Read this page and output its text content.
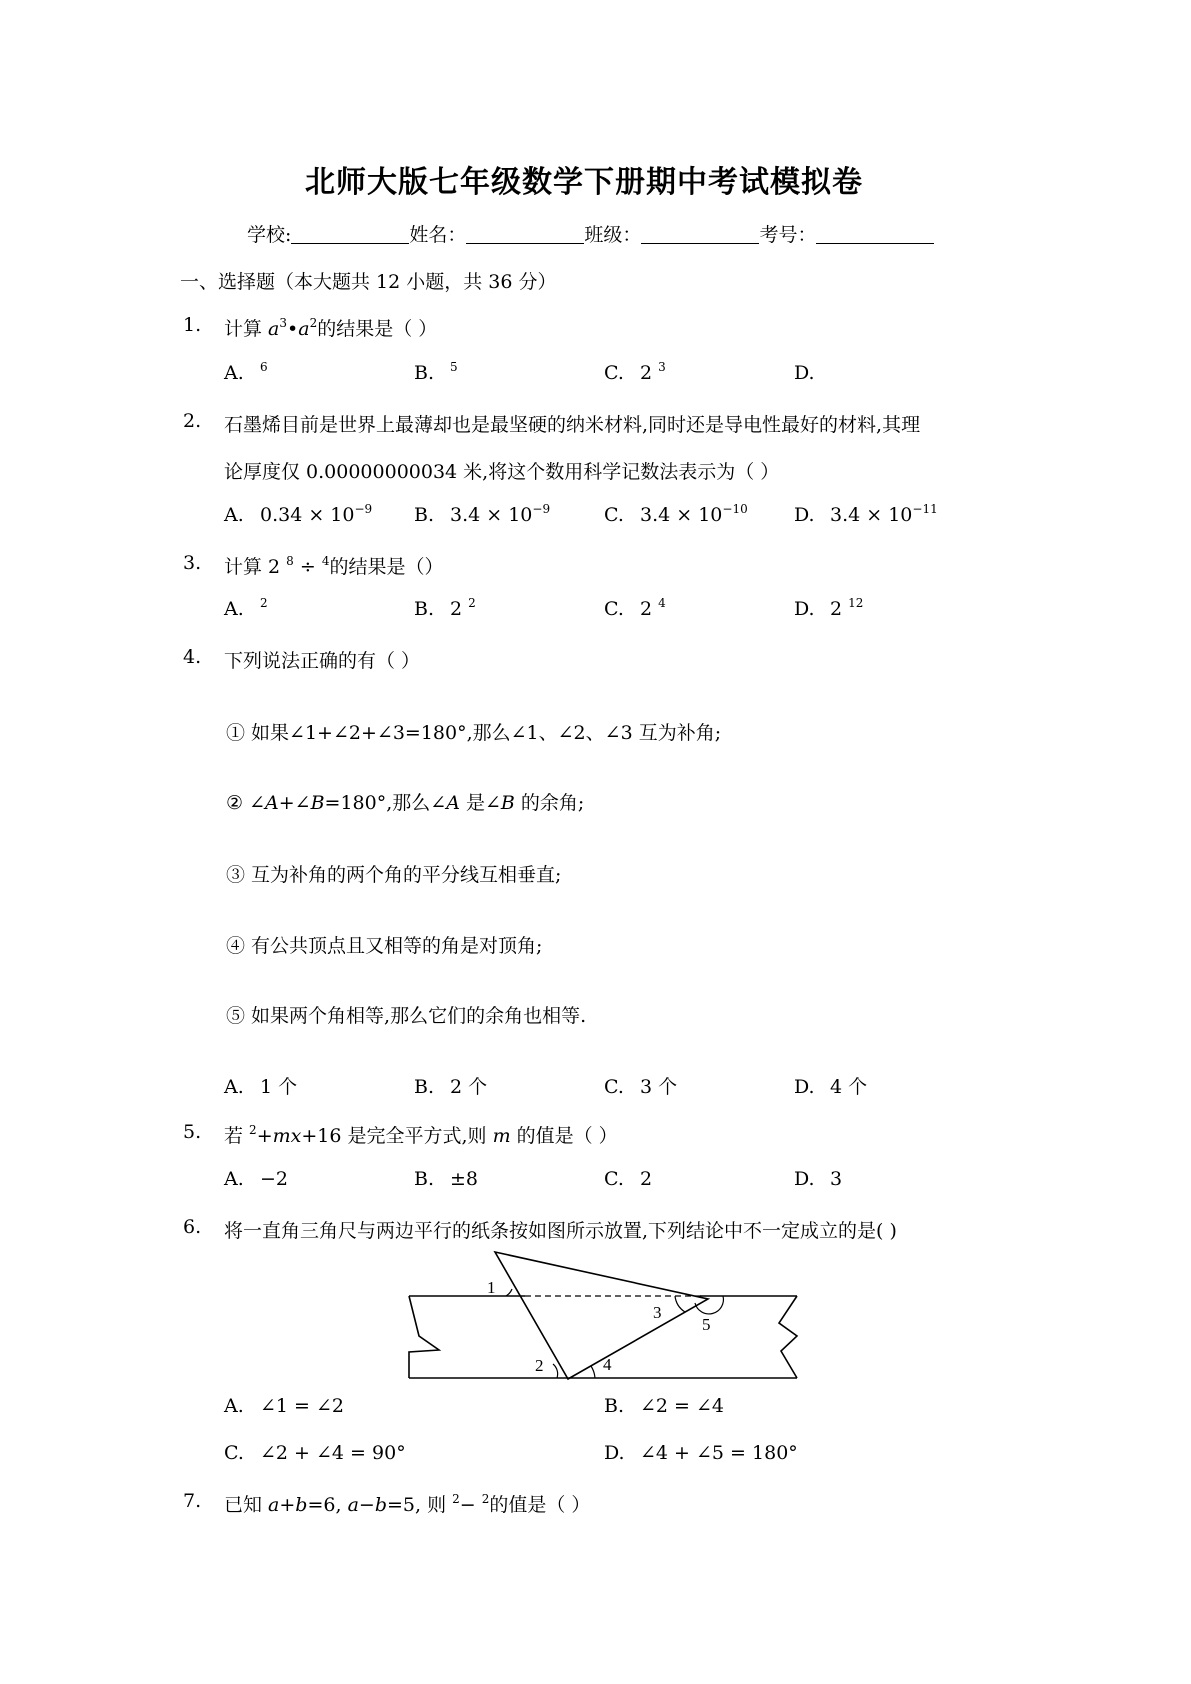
北师大版七年级数学下册期中考试模拟卷
学校:	姓名：	班级：	考号：
一、选择题（本大题共 12 小题，共 36 分）
1. 计算 $a^3•a^2$的结果是（ ）
A. $^6$	B. $^5$	C. 2 $^3$	D.
2. 石墨烯目前是世界上最薄却也是最坚硬的纳米材料,同时还是导电性最好的材料,其理
论厚度仅 0.00000000034 米,将这个数用科学记数法表示为（ ）
A. $0.34 \times 10^{-9}$ B. $3.4 \times 10^{-9}$	C. $3.4 \times 10^{-10}$ D. $3.4 \times 10^{-11}$
3. 计算 2 $^8$ ÷ $^4$的结果是（）
A. $^2$	B. 2 $^2$	C. 2 $^4$	D. 2 $^{12}$
4. 下列说法正确的有（ ）
① 如果∠1+∠2+∠3=180°,那么∠1、∠2、∠3 互为补角;
② ∠A+∠B=180°,那么∠A 是∠B 的余角;
③ 互为补角的两个角的平分线互相垂直;
④ 有公共顶点且又相等的角是对顶角;
⑤ 如果两个角相等,那么它们的余角也相等.
A. 1 个	B. 2 个	C. 3 个	D. 4 个
5. 若 $^2$+mx+16 是完全平方式,则 m 的值是（ ）
A. −2	B. ±8	C. 2	D. 3
6. 将一直角三角尺与两边平行的纸条按如图所示放置,下列结论中不一定成立的是( )
1
2
3
4
5
A. ∠1 = ∠2	B. ∠2 = ∠4
C. ∠2 + ∠4 = 90°	D. ∠4 + ∠5 = 180°
7. 已知 a+b=6, a−b=5, 则 $^2$− $^2$的值是（ ）
